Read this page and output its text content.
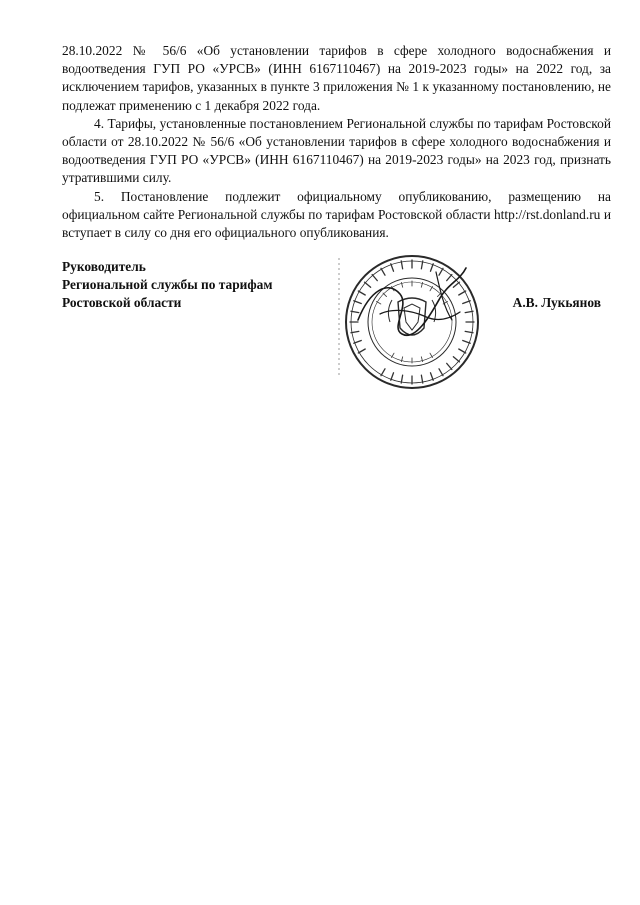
28.10.2022 № 56/6 «Об установлении тарифов в сфере холодного водоснабжения и водоотведения ГУП РО «УРСВ» (ИНН 6167110467) на 2019-2023 годы» на 2022 год, за исключением тарифов, указанных в пункте 3 приложения № 1 к указанному постановлению, не подлежат применению с 1 декабря 2022 года.

4. Тарифы, установленные постановлением Региональной службы по тарифам Ростовской области от 28.10.2022 № 56/6 «Об установлении тарифов в сфере холодного водоснабжения и водоотведения ГУП РО «УРСВ» (ИНН 6167110467) на 2019-2023 годы» на 2023 год, признать утратившими силу.

5. Постановление подлежит официальному опубликованию, размещению на официальном сайте Региональной службы по тарифам Ростовской области http://rst.donland.ru и вступает в силу со дня его официального опубликования.

Руководитель
Региональной службы по тарифам
Ростовской области	А.В. Лукьянов
